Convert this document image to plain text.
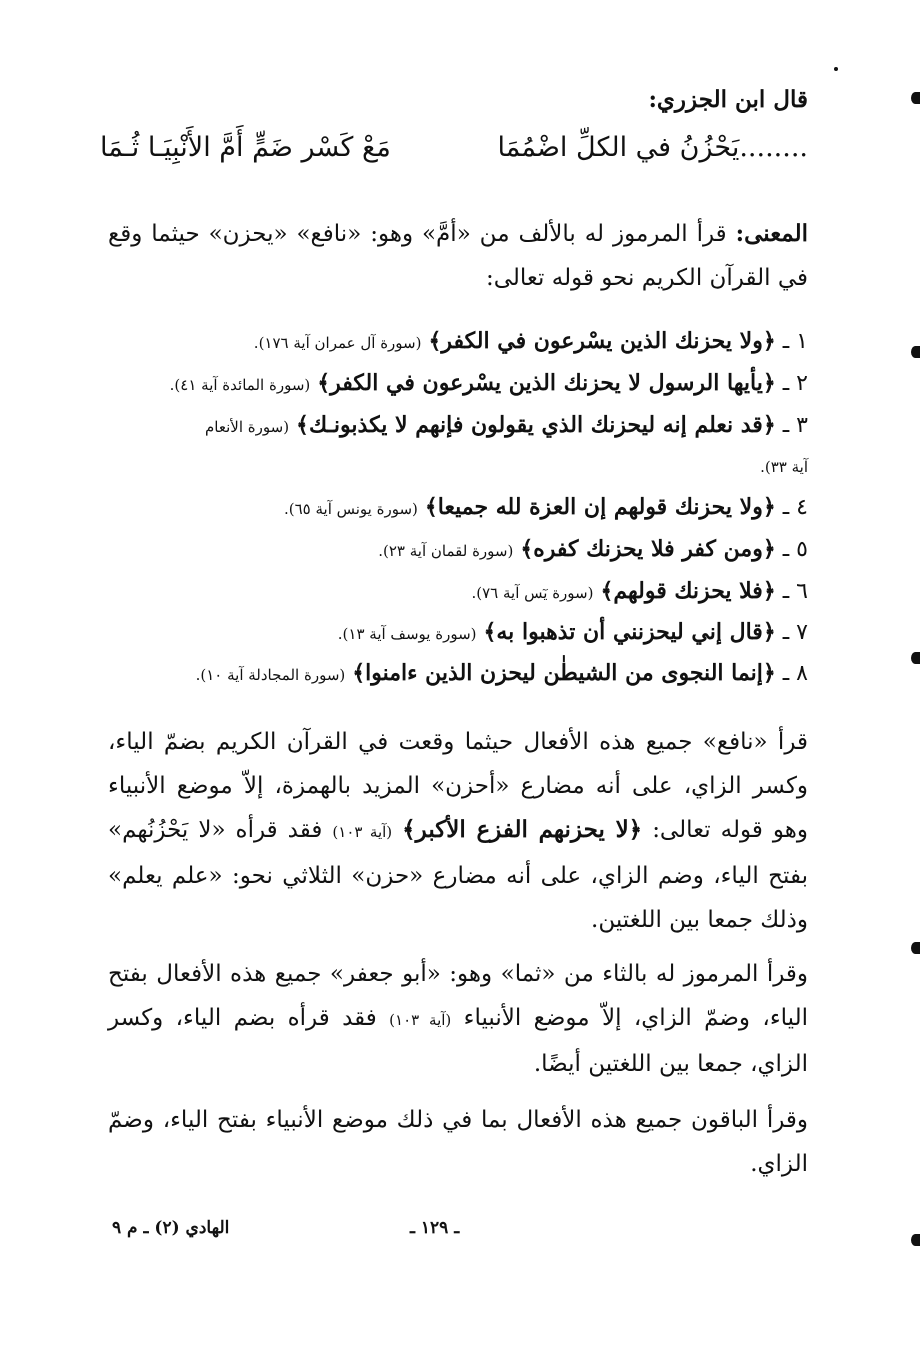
قال ابن الجزري:
........يَحْزُنُ في الكلِّ اضْمُمَا
مَعْ كَسْر ضَمٍّ أَمَّ الأَنْبِيَـا ثُـمَا
المعنى: قرأ المرموز له بالألف من «أمَّ» وهو: «نافع» «يحزن» حيثما وقع في القرآن الكريم نحو قوله تعالى:
١ ـ ﴿ولا يحزنك الذين يسْرعون في الكفر﴾ (سورة آل عمران آية ١٧٦).
٢ ـ ﴿يأيها الرسول لا يحزنك الذين يسْرعون في الكفر﴾ (سورة المائدة آية ٤١).
٣ ـ ﴿قد نعلم إنه ليحزنك الذي يقولون فإنهم لا يكذبونـك﴾ (سورة الأنعام
آية ٣٣).
٤ ـ ﴿ولا يحزنك قولهم إن العزة لله جميعا﴾ (سورة يونس آية ٦٥).
٥ ـ ﴿ومن كفر فلا يحزنك كفره﴾ (سورة لقمان آية ٢٣).
٦ ـ ﴿فلا يحزنك قولهم﴾ (سورة يٓس آية ٧٦).
٧ ـ ﴿قال إني ليحزنني أن تذهبوا به﴾ (سورة يوسف آية ١٣).
٨ ـ ﴿إنما النجوى من الشيطٰن ليحزن الذين ءامنوا﴾ (سورة المجادلة آية ١٠).
قرأ «نافع» جميع هذه الأفعال حيثما وقعت في القرآن الكريم بضمّ الياء، وكسر الزاي، على أنه مضارع «أحزن» المزيد بالهمزة، إلاّ موضع الأنبياء وهو قوله تعالى: ﴿لا يحزنهم الفزع الأكبر﴾ (آية ١٠٣) فقد قرأه «لا يَحْزُنُهم» بفتح الياء، وضم الزاي، على أنه مضارع «حزن» الثلاثي نحو: «علم يعلم» وذلك جمعا بين اللغتين.
وقرأ المرموز له بالثاء من «ثما» وهو: «أبو جعفر» جميع هذه الأفعال بفتح الياء، وضمّ الزاي، إلاّ موضع الأنبياء (آية ١٠٣) فقد قرأه بضم الياء، وكسر الزاي، جمعا بين اللغتين أيضًا.
وقرأ الباقون جميع هذه الأفعال بما في ذلك موضع الأنبياء بفتح الياء، وضمّ الزاي.
ـ ١٢٩ ـ
الهادي (٢) ـ م ٩
